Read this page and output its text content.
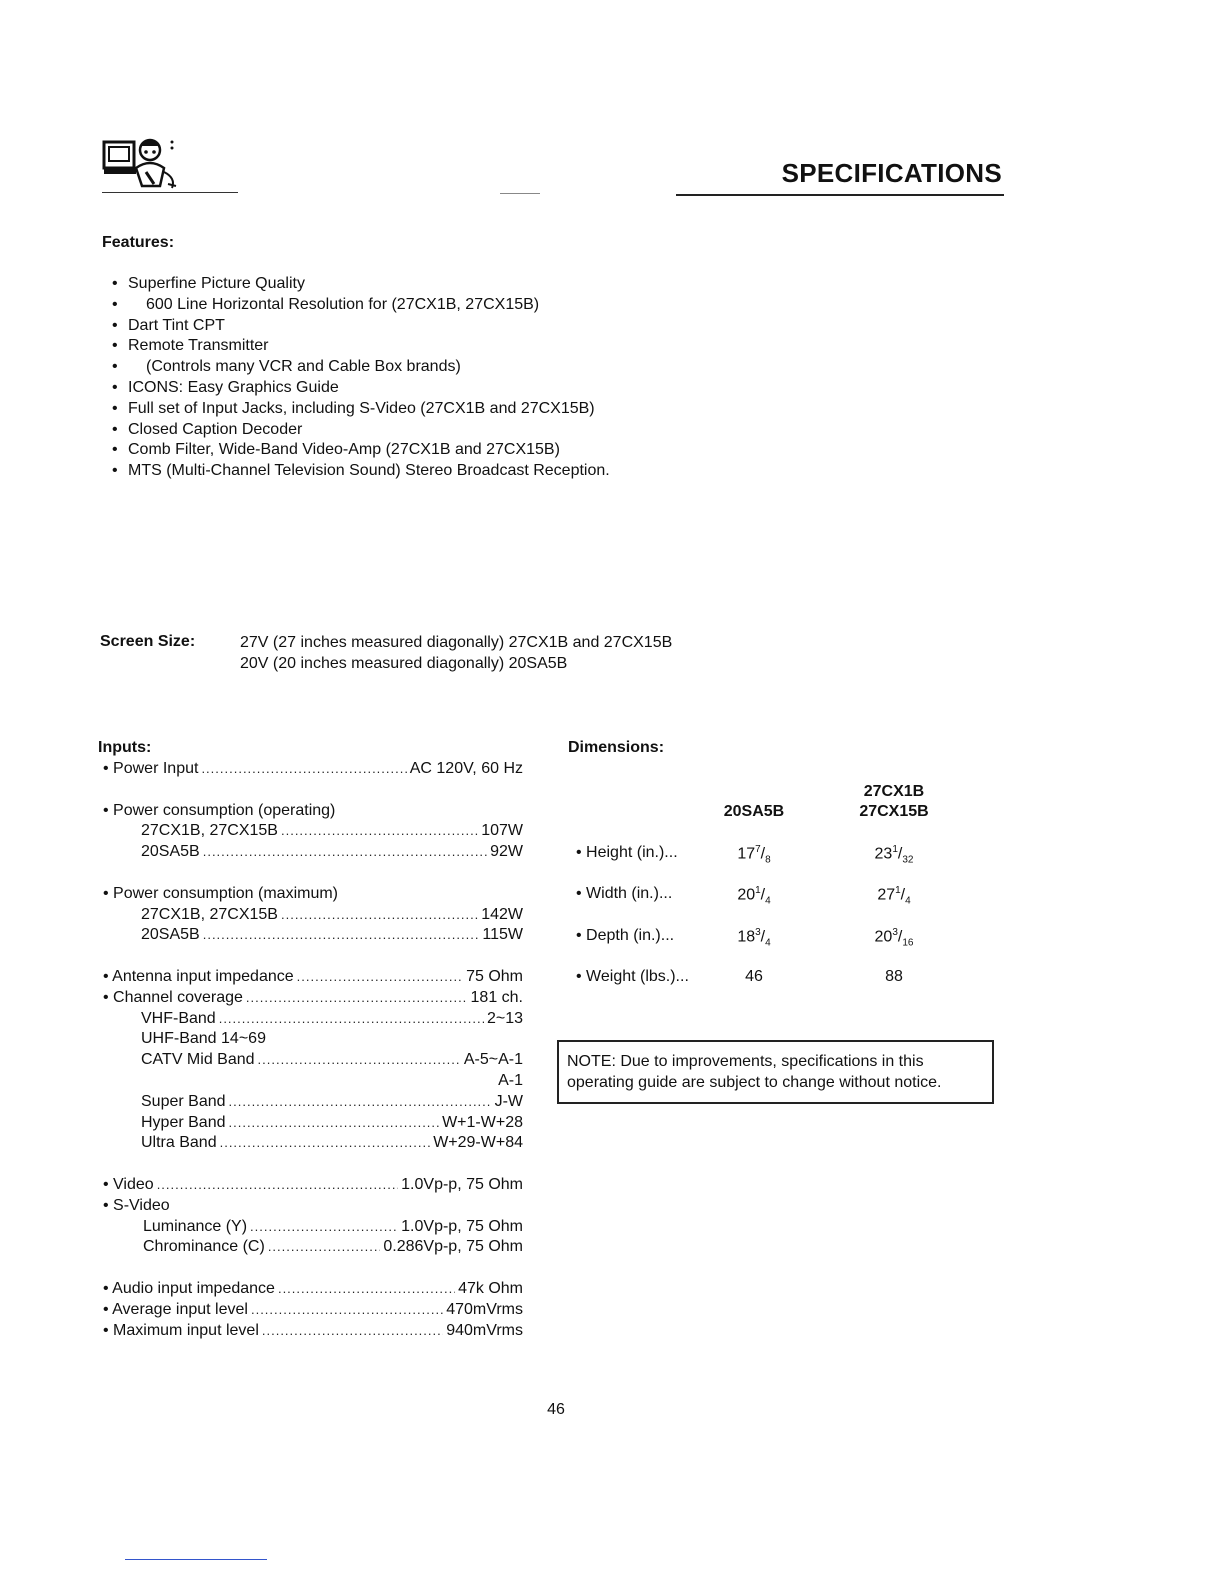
SPECIFICATIONS
Features:
• Superfine Picture Quality
• 600 Line Horizontal Resolution for (27CX1B, 27CX15B)
• Dart Tint CPT
• Remote Transmitter
• (Controls many VCR and Cable Box brands)
• ICONS: Easy Graphics Guide
• Full set of Input Jacks, including S-Video (27CX1B and 27CX15B)
• Closed Caption Decoder
• Comb Filter, Wide-Band Video-Amp (27CX1B and 27CX15B)
• MTS (Multi-Channel Television Sound) Stereo Broadcast Reception.
Screen Size:	27V (27 inches measured diagonally) 27CX1B and 27CX15B
20V (20 inches measured diagonally) 20SA5B
Inputs:
• Power Input .....	AC 120V, 60 Hz
• Power consumption (operating)
27CX1B, 27CX15B .....	107W
20SA5B .....	92W
• Power consumption (maximum)
27CX1B, 27CX15B .....	142W
20SA5B .....	115W
• Antenna input impedance .....	75 Ohm
• Channel coverage .....	181 ch.
VHF-Band .....	2~13
UHF-Band 14~69
CATV Mid Band .....	A-5~A-1
A-1
Super Band .....	J-W
Hyper Band .....	W+1-W+28
Ultra Band .....	W+29-W+84
• Video .....	1.0Vp-p, 75 Ohm
• S-Video
Luminance (Y) .....	1.0Vp-p, 75 Ohm
Chrominance (C) .....	0.286Vp-p, 75 Ohm
• Audio input impedance .....	47k Ohm
• Average input level .....	470mVrms
• Maximum input level .....	940mVrms
Dimensions:
20SA5B
27CX1B
27CX15B
• Height (in.)...	$17^7/_8$	$23^1/_{32}$
• Width (in.)...	$20^1/_4$	$27^1/_4$
• Depth (in.)...	$18^3/_4$	$20^3/_{16}$
• Weight (lbs.)...	46	88
NOTE: Due to improvements, specifications in this operating guide are subject to change without notice.
46
